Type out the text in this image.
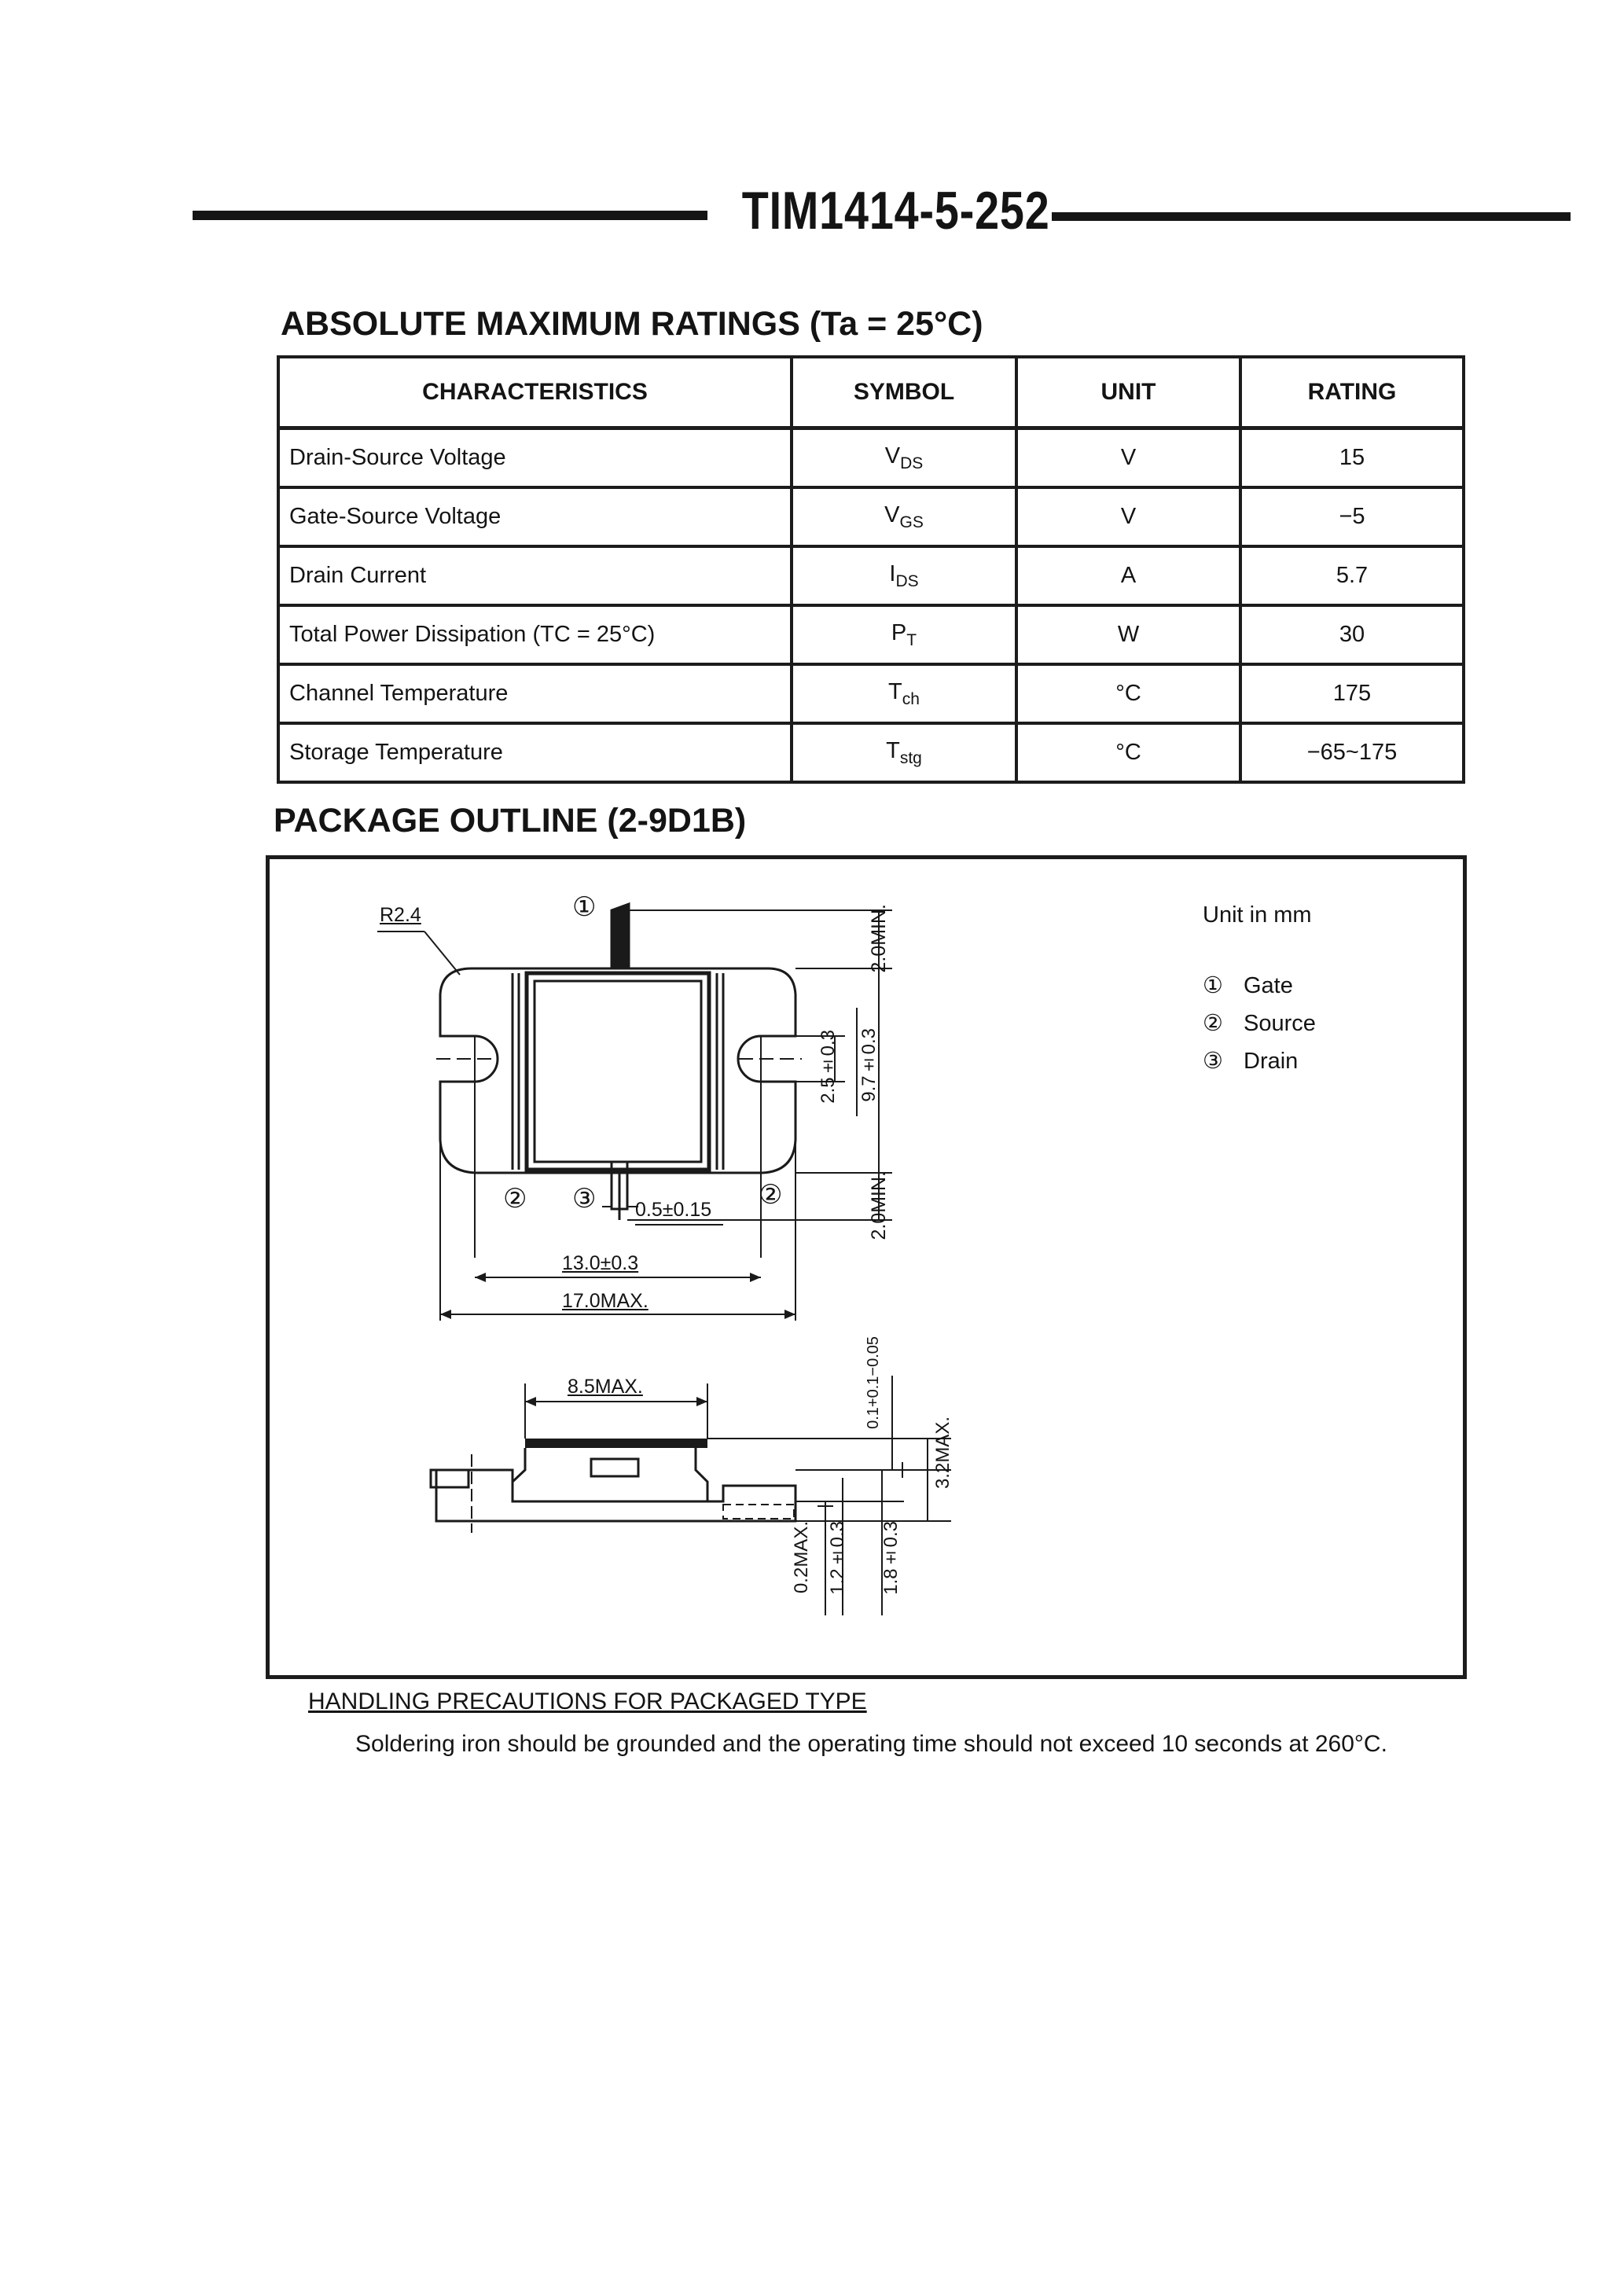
TIM1414-5-252
ABSOLUTE MAXIMUM RATINGS (Ta = 25°C)
CHARACTERISTICS	SYMBOL	UNIT	RATING
Drain-Source Voltage	$V_{DS}$	V	15
Gate-Source Voltage	$V_{GS}$	V	−5
Drain Current	$I_{DS}$	A	5.7
Total Power Dissipation (TC = 25°C)	$P_T$	W	30
Channel Temperature	$T_{ch}$	°C	175
Storage Temperature	$T_{stg}$	°C	−65~175
PACKAGE OUTLINE (2-9D1B)
R2.4	①
② ③	②
0.5±0.15
13.0±0.3
17.0MAX.
8.5MAX.
2.0MIN.
2.0MIN.
2.5±0.3 9.7±0.3
0.1+0.1−0.05
3.2MAX.
0.2MAX. 1.2±0.3 1.8±0.3
Unit in mm
① Gate
② Source
③ Drain
HANDLING PRECAUTIONS FOR PACKAGED TYPE
Soldering iron should be grounded and the operating time should not exceed 10 seconds at 260°C.
